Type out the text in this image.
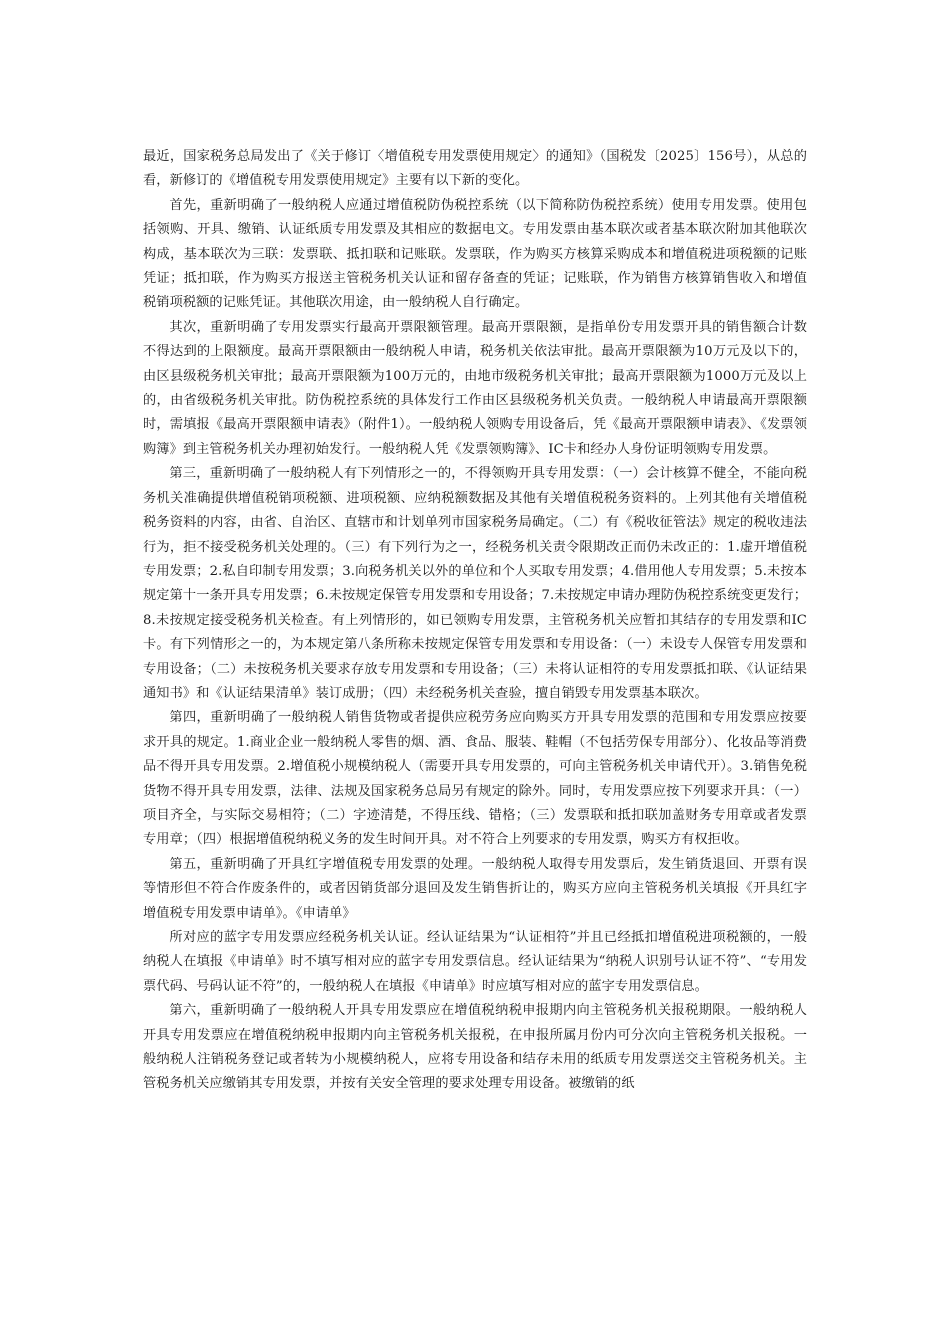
最近，国家税务总局发出了《关于修订〈增值税专用发票使用规定〉的通知》（国税发〔2025〕156号），从总的看，新修订的《增值税专用发票使用规定》主要有以下新的变化。

首先，重新明确了一般纳税人应通过增值税防伪税控系统（以下简称防伪税控系统）使用专用发票。使用包括领购、开具、缴销、认证纸质专用发票及其相应的数据电文。专用发票由基本联次或者基本联次附加其他联次构成，基本联次为三联：发票联、抵扣联和记账联。发票联，作为购买方核算采购成本和增值税进项税额的记账凭证；抵扣联，作为购买方报送主管税务机关认证和留存备查的凭证；记账联，作为销售方核算销售收入和增值税销项税额的记账凭证。其他联次用途，由一般纳税人自行确定。

其次，重新明确了专用发票实行最高开票限额管理。最高开票限额，是指单份专用发票开具的销售额合计数不得达到的上限额度。最高开票限额由一般纳税人申请，税务机关依法审批。最高开票限额为10万元及以下的，由区县级税务机关审批；最高开票限额为100万元的，由地市级税务机关审批；最高开票限额为1000万元及以上的，由省级税务机关审批。防伪税控系统的具体发行工作由区县级税务机关负责。一般纳税人申请最高开票限额时，需填报《最高开票限额申请表》（附件1）。一般纳税人领购专用设备后，凭《最高开票限额申请表》、《发票领购簿》到主管税务机关办理初始发行。一般纳税人凭《发票领购簿》、IC卡和经办人身份证明领购专用发票。

第三，重新明确了一般纳税人有下列情形之一的，不得领购开具专用发票：（一）会计核算不健全，不能向税务机关准确提供增值税销项税额、进项税额、应纳税额数据及其他有关增值税税务资料的。上列其他有关增值税税务资料的内容，由省、自治区、直辖市和计划单列市国家税务局确定。（二）有《税收征管法》规定的税收违法行为，拒不接受税务机关处理的。（三）有下列行为之一，经税务机关责令限期改正而仍未改正的：1.虚开增值税专用发票；2.私自印制专用发票；3.向税务机关以外的单位和个人买取专用发票；4.借用他人专用发票；5.未按本规定第十一条开具专用发票；6.未按规定保管专用发票和专用设备；7.未按规定申请办理防伪税控系统变更发行；8.未按规定接受税务机关检查。有上列情形的，如已领购专用发票，主管税务机关应暂扣其结存的专用发票和IC卡。有下列情形之一的，为本规定第八条所称未按规定保管专用发票和专用设备：（一）未设专人保管专用发票和专用设备；（二）未按税务机关要求存放专用发票和专用设备；（三）未将认证相符的专用发票抵扣联、《认证结果通知书》和《认证结果清单》装订成册；（四）未经税务机关查验，擅自销毁专用发票基本联次。

第四，重新明确了一般纳税人销售货物或者提供应税劳务应向购买方开具专用发票的范围和专用发票应按要求开具的规定。1.商业企业一般纳税人零售的烟、酒、食品、服装、鞋帽（不包括劳保专用部分）、化妆品等消费品不得开具专用发票。2.增值税小规模纳税人（需要开具专用发票的，可向主管税务机关申请代开）。3.销售免税货物不得开具专用发票，法律、法规及国家税务总局另有规定的除外。同时，专用发票应按下列要求开具：（一）项目齐全，与实际交易相符；（二）字迹清楚，不得压线、错格；（三）发票联和抵扣联加盖财务专用章或者发票专用章；（四）根据增值税纳税义务的发生时间开具。对不符合上列要求的专用发票，购买方有权拒收。

第五，重新明确了开具红字增值税专用发票的处理。一般纳税人取得专用发票后，发生销货退回、开票有误等情形但不符合作废条件的，或者因销货部分退回及发生销售折让的，购买方应向主管税务机关填报《开具红字增值税专用发票申请单》。《申请单》

所对应的蓝字专用发票应经税务机关认证。经认证结果为“认证相符”并且已经抵扣增值税进项税额的，一般纳税人在填报《申请单》时不填写相对应的蓝字专用发票信息。经认证结果为“纳税人识别号认证不符”、“专用发票代码、号码认证不符”的，一般纳税人在填报《申请单》时应填写相对应的蓝字专用发票信息。

第六，重新明确了一般纳税人开具专用发票应在增值税纳税申报期内向主管税务机关报税期限。一般纳税人开具专用发票应在增值税纳税申报期内向主管税务机关报税，在申报所属月份内可分次向主管税务机关报税。一般纳税人注销税务登记或者转为小规模纳税人，应将专用设备和结存未用的纸质专用发票送交主管税务机关。主管税务机关应缴销其专用发票，并按有关安全管理的要求处理专用设备。被缴销的纸
